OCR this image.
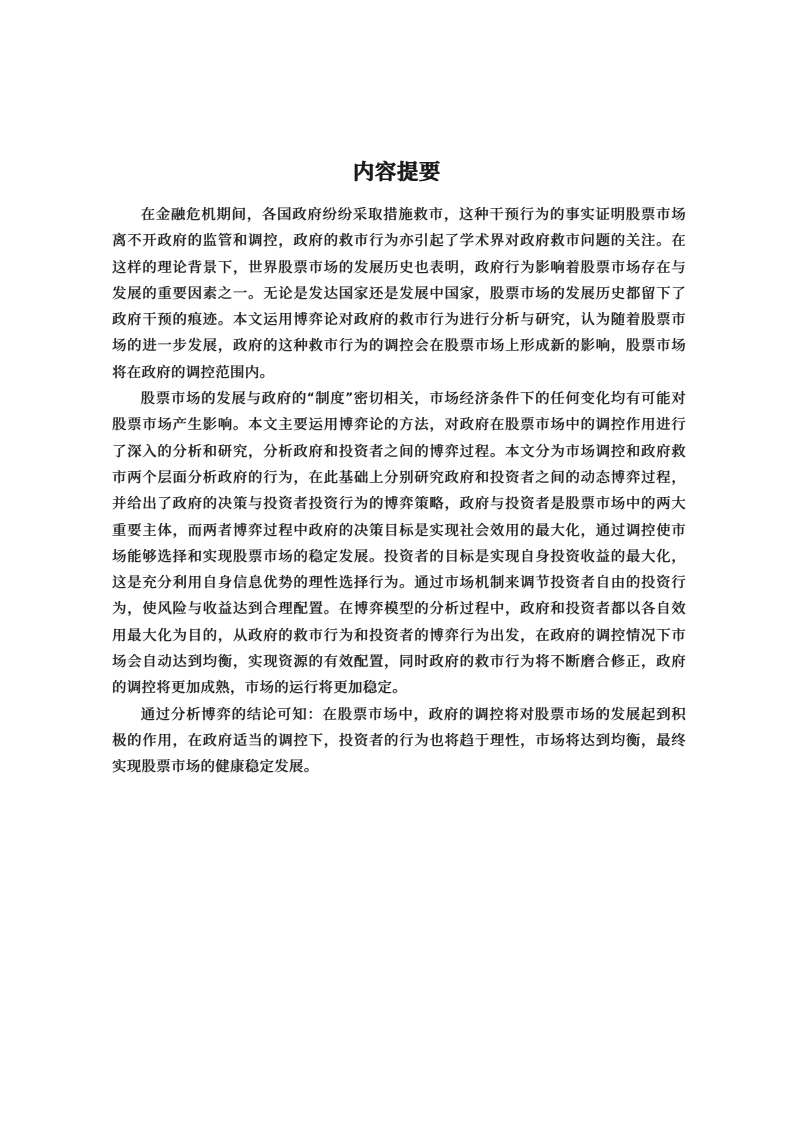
内容提要

在金融危机期间，各国政府纷纷采取措施救市，这种干预行为的事实证明股票市场离不开政府的监管和调控，政府的救市行为亦引起了学术界对政府救市问题的关注。在这样的理论背景下，世界股票市场的发展历史也表明，政府行为影响着股票市场存在与发展的重要因素之一。无论是发达国家还是发展中国家，股票市场的发展历史都留下了政府干预的痕迹。本文运用博弈论对政府的救市行为进行分析与研究，认为随着股票市场的进一步发展，政府的这种救市行为的调控会在股票市场上形成新的影响，股票市场将在政府的调控范围内。

股票市场的发展与政府的“制度”密切相关，市场经济条件下的任何变化均有可能对股票市场产生影响。本文主要运用博弈论的方法，对政府在股票市场中的调控作用进行了深入的分析和研究，分析政府和投资者之间的博弈过程。本文分为市场调控和政府救市两个层面分析政府的行为，在此基础上分别研究政府和投资者之间的动态博弈过程，并给出了政府的决策与投资者投资行为的博弈策略，政府与投资者是股票市场中的两大重要主体，而两者博弈过程中政府的决策目标是实现社会效用的最大化，通过调控使市场能够选择和实现股票市场的稳定发展。投资者的目标是实现自身投资收益的最大化，这是充分利用自身信息优势的理性选择行为。通过市场机制来调节投资者自由的投资行为，使风险与收益达到合理配置。在博弈模型的分析过程中，政府和投资者都以各自效用最大化为目的，从政府的救市行为和投资者的博弈行为出发，在政府的调控情况下市场会自动达到均衡，实现资源的有效配置，同时政府的救市行为将不断磨合修正，政府的调控将更加成熟，市场的运行将更加稳定。

通过分析博弈的结论可知：在股票市场中，政府的调控将对股票市场的发展起到积极的作用，在政府适当的调控下，投资者的行为也将趋于理性，市场将达到均衡，最终实现股票市场的健康稳定发展。
